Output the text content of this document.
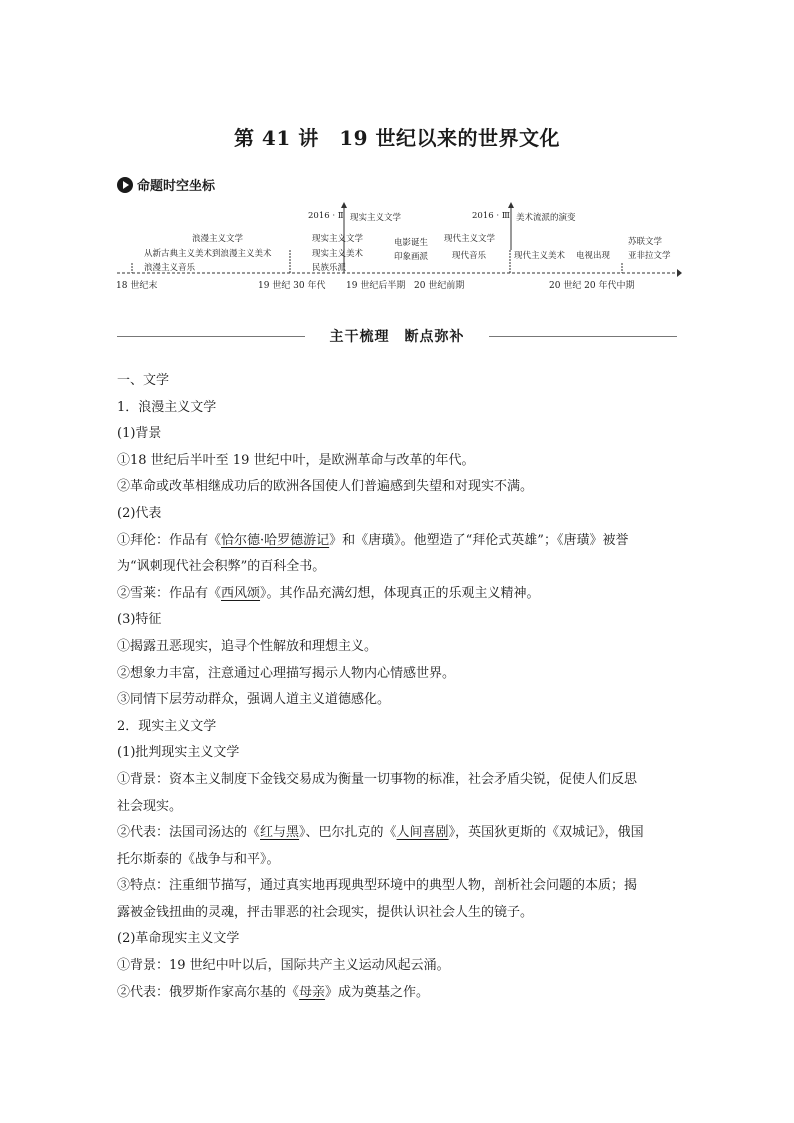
第 41 讲　19 世纪以来的世界文化
命题时空坐标
2016 · Ⅱ 现实主义文学	2016 · Ⅲ 美术流派的演变
浪漫主义文学
从新古典主义美术到浪漫主义美术
浪漫主义音乐
现实主义文学
现实主义美术
民族乐派
电影诞生
印象画派
现代主义文学
现代音乐	现代主义美术 电视出现
苏联文学
亚非拉文学
18 世纪末	19 世纪 30 年代 19 世纪后半期 20 世纪前期	20 世纪 20 年代中期
主干梳理　断点弥补

一、文学

1．浪漫主义文学

(1)背景

①18 世纪后半叶至 19 世纪中叶，是欧洲革命与改革的年代。

②革命或改革相继成功后的欧洲各国使人们普遍感到失望和对现实不满。

(2)代表

①拜伦：作品有《恰尔德·哈罗德游记》和《唐璜》。他塑造了“拜伦式英雄”；《唐璜》被誉

为“讽刺现代社会积弊”的百科全书。

②雪莱：作品有《西风颂》。其作品充满幻想，体现真正的乐观主义精神。

(3)特征

①揭露丑恶现实，追寻个性解放和理想主义。

②想象力丰富，注意通过心理描写揭示人物内心情感世界。

③同情下层劳动群众，强调人道主义道德感化。

2．现实主义文学

(1)批判现实主义文学

①背景：资本主义制度下金钱交易成为衡量一切事物的标准，社会矛盾尖锐，促使人们反思

社会现实。

②代表：法国司汤达的《红与黑》、巴尔扎克的《人间喜剧》，英国狄更斯的《双城记》，俄国

托尔斯泰的《战争与和平》。

③特点：注重细节描写，通过真实地再现典型环境中的典型人物，剖析社会问题的本质；揭

露被金钱扭曲的灵魂，抨击罪恶的社会现实，提供认识社会人生的镜子。

(2)革命现实主义文学

①背景：19 世纪中叶以后，国际共产主义运动风起云涌。

②代表：俄罗斯作家高尔基的《母亲》成为奠基之作。
